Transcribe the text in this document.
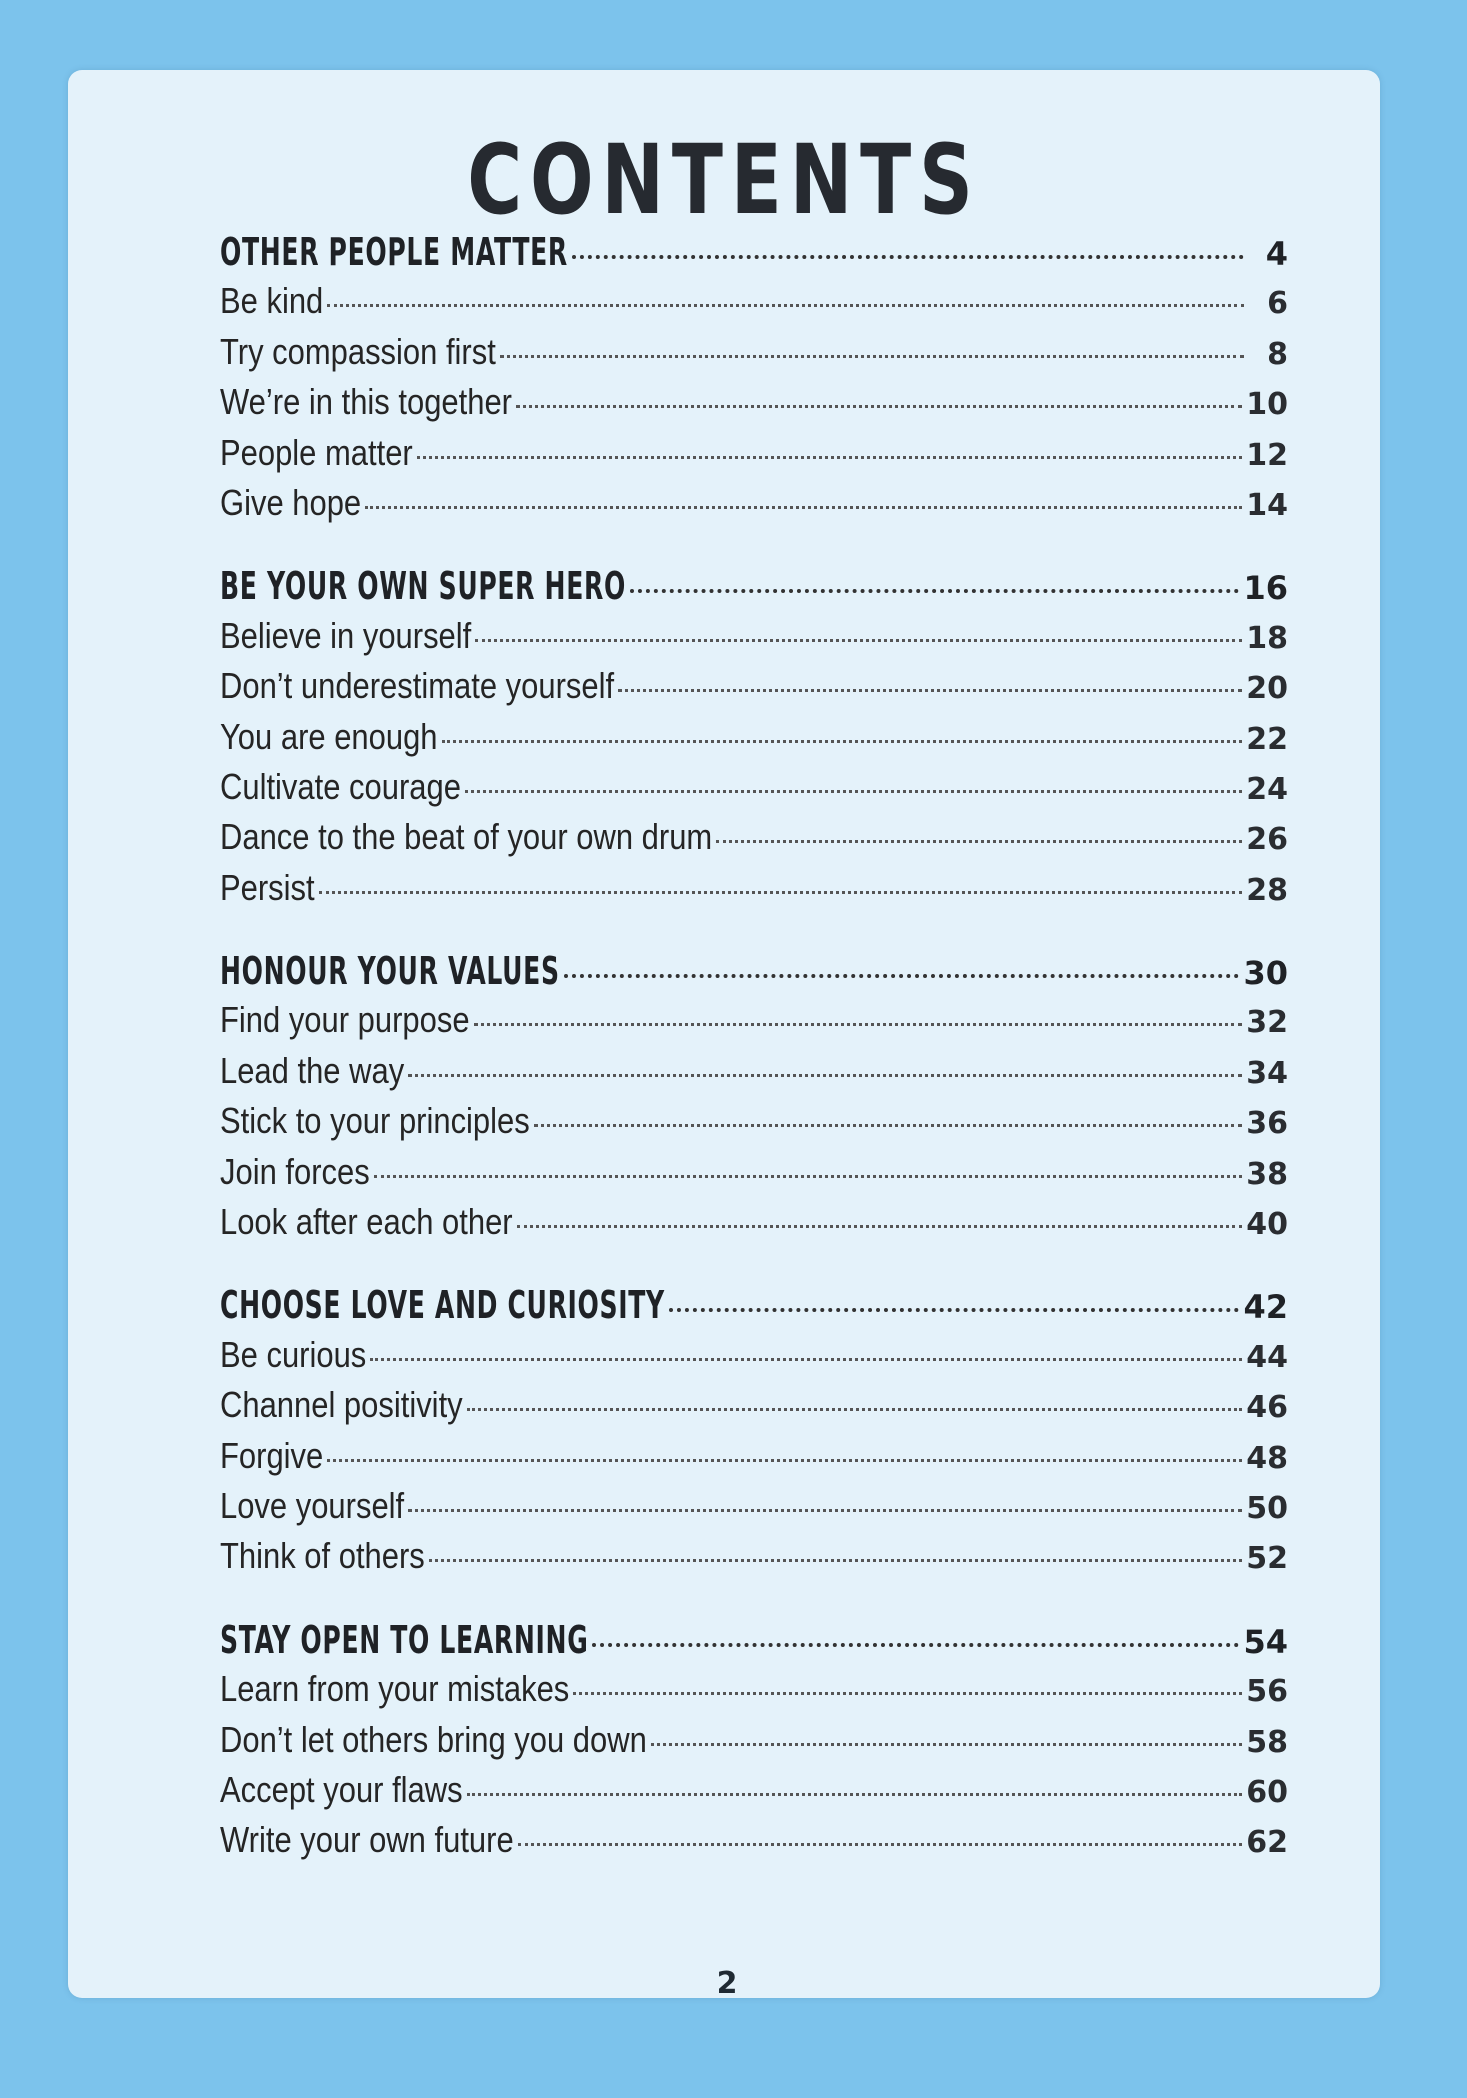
CONTENTS
OTHER PEOPLE MATTER	4
Be kind	6
Try compassion first	8
We’re in this together	10
People matter	12
Give hope	14
BE YOUR OWN SUPER HERO	16
Believe in yourself	18
Don’t underestimate yourself	20
You are enough	22
Cultivate courage	24
Dance to the beat of your own drum	26
Persist	28
HONOUR YOUR VALUES	30
Find your purpose	32
Lead the way	34
Stick to your principles	36
Join forces	38
Look after each other	40
CHOOSE LOVE AND CURIOSITY	42
Be curious	44
Channel positivity	46
Forgive	48
Love yourself	50
Think of others	52
STAY OPEN TO LEARNING	54
Learn from your mistakes	56
Don’t let others bring you down	58
Accept your flaws	60
Write your own future	62
2
